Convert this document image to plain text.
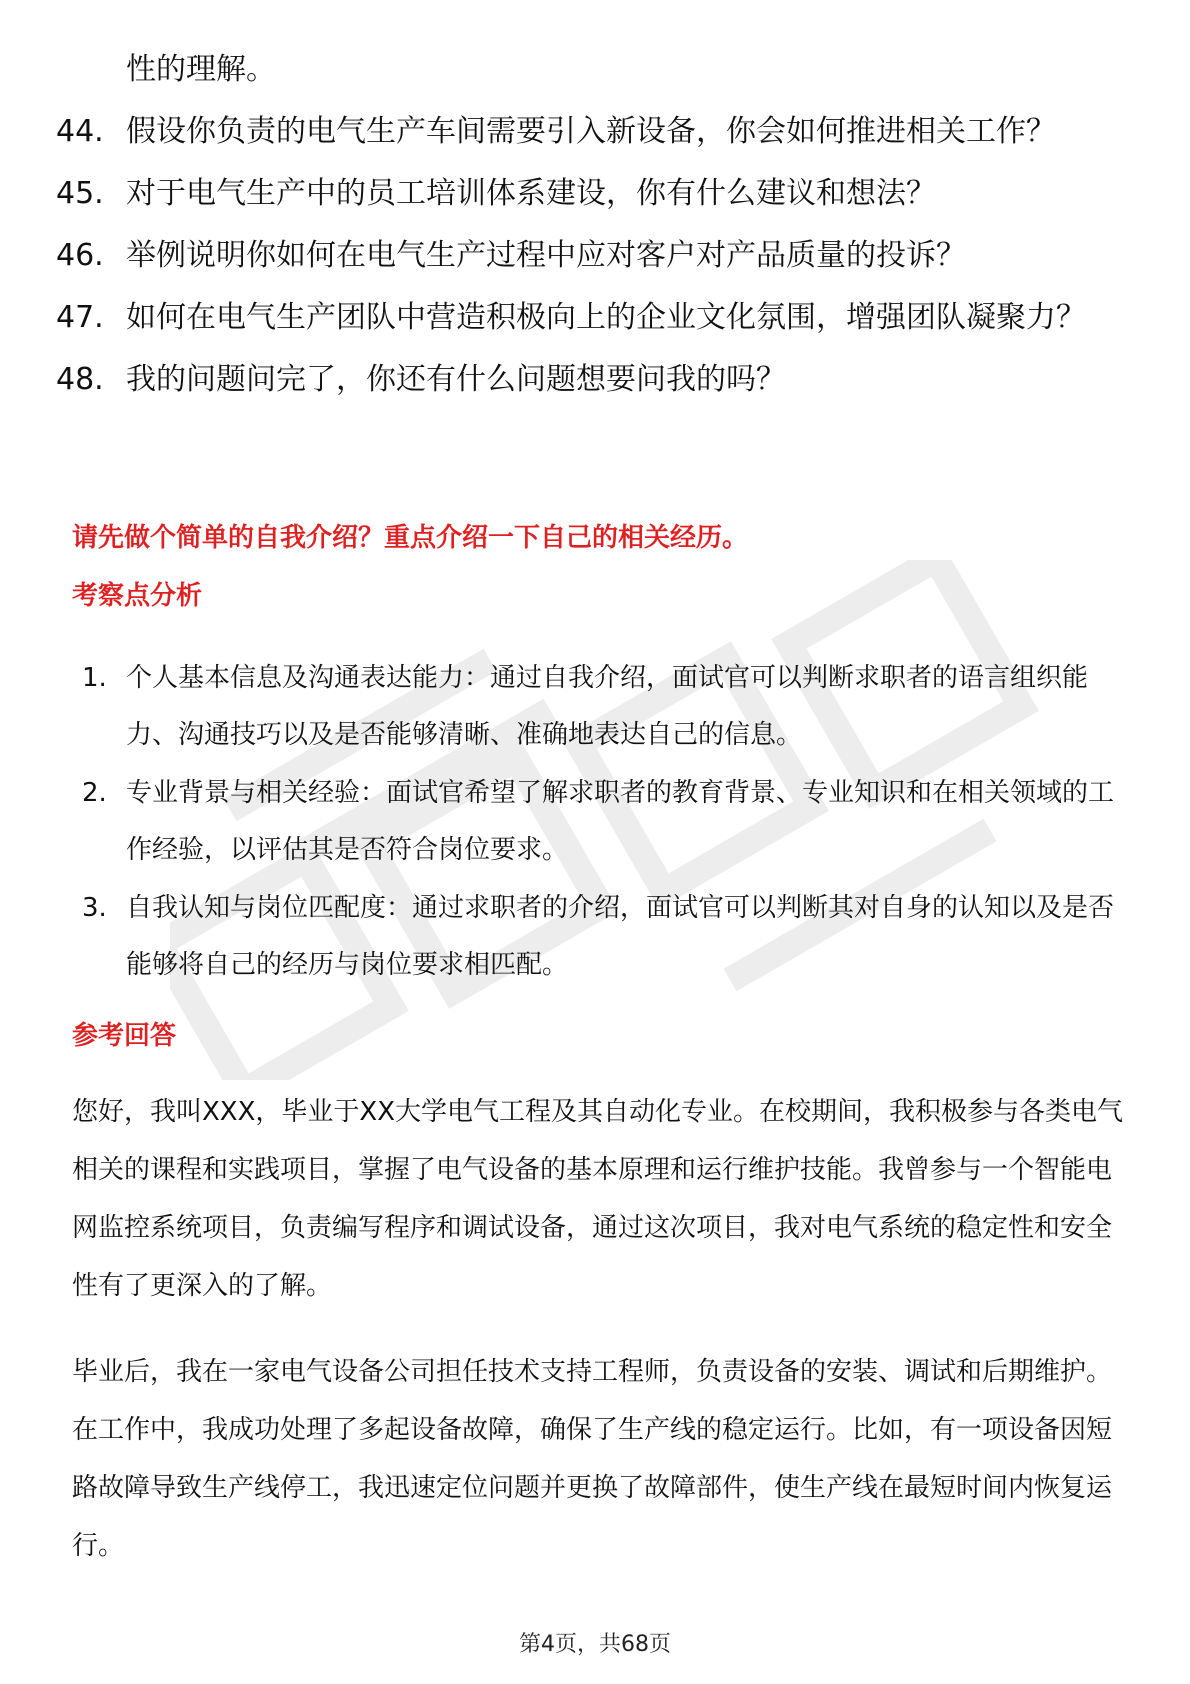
性的理解。

44. 假设你负责的电气生产车间需要引入新设备，你会如何推进相关工作？
45. 对于电气生产中的员工培训体系建设，你有什么建议和想法？
46. 举例说明你如何在电气生产过程中应对客户对产品质量的投诉？
47. 如何在电气生产团队中营造积极向上的企业文化氛围，增强团队凝聚力？
48. 我的问题问完了，你还有什么问题想要问我的吗？
请先做个简单的自我介绍？重点介绍一下自己的相关经历。
考察点分析
1. 个人基本信息及沟通表达能力：通过自我介绍，面试官可以判断求职者的语言组织能力、沟通技巧以及是否能够清晰、准确地表达自己的信息。
2. 专业背景与相关经验：面试官希望了解求职者的教育背景、专业知识和在相关领域的工作经验，以评估其是否符合岗位要求。
3. 自我认知与岗位匹配度：通过求职者的介绍，面试官可以判断其对自身的认知以及是否能够将自己的经历与岗位要求相匹配。
参考回答

您好，我叫XXX，毕业于XX大学电气工程及其自动化专业。在校期间，我积极参与各类电气相关的课程和实践项目，掌握了电气设备的基本原理和运行维护技能。我曾参与一个智能电网监控系统项目，负责编写程序和调试设备，通过这次项目，我对电气系统的稳定性和安全性有了更深入的了解。

毕业后，我在一家电气设备公司担任技术支持工程师，负责设备的安装、调试和后期维护。在工作中，我成功处理了多起设备故障，确保了生产线的稳定运行。比如，有一项设备因短路故障导致生产线停工，我迅速定位问题并更换了故障部件，使生产线在最短时间内恢复运行。

第4页，共68页
